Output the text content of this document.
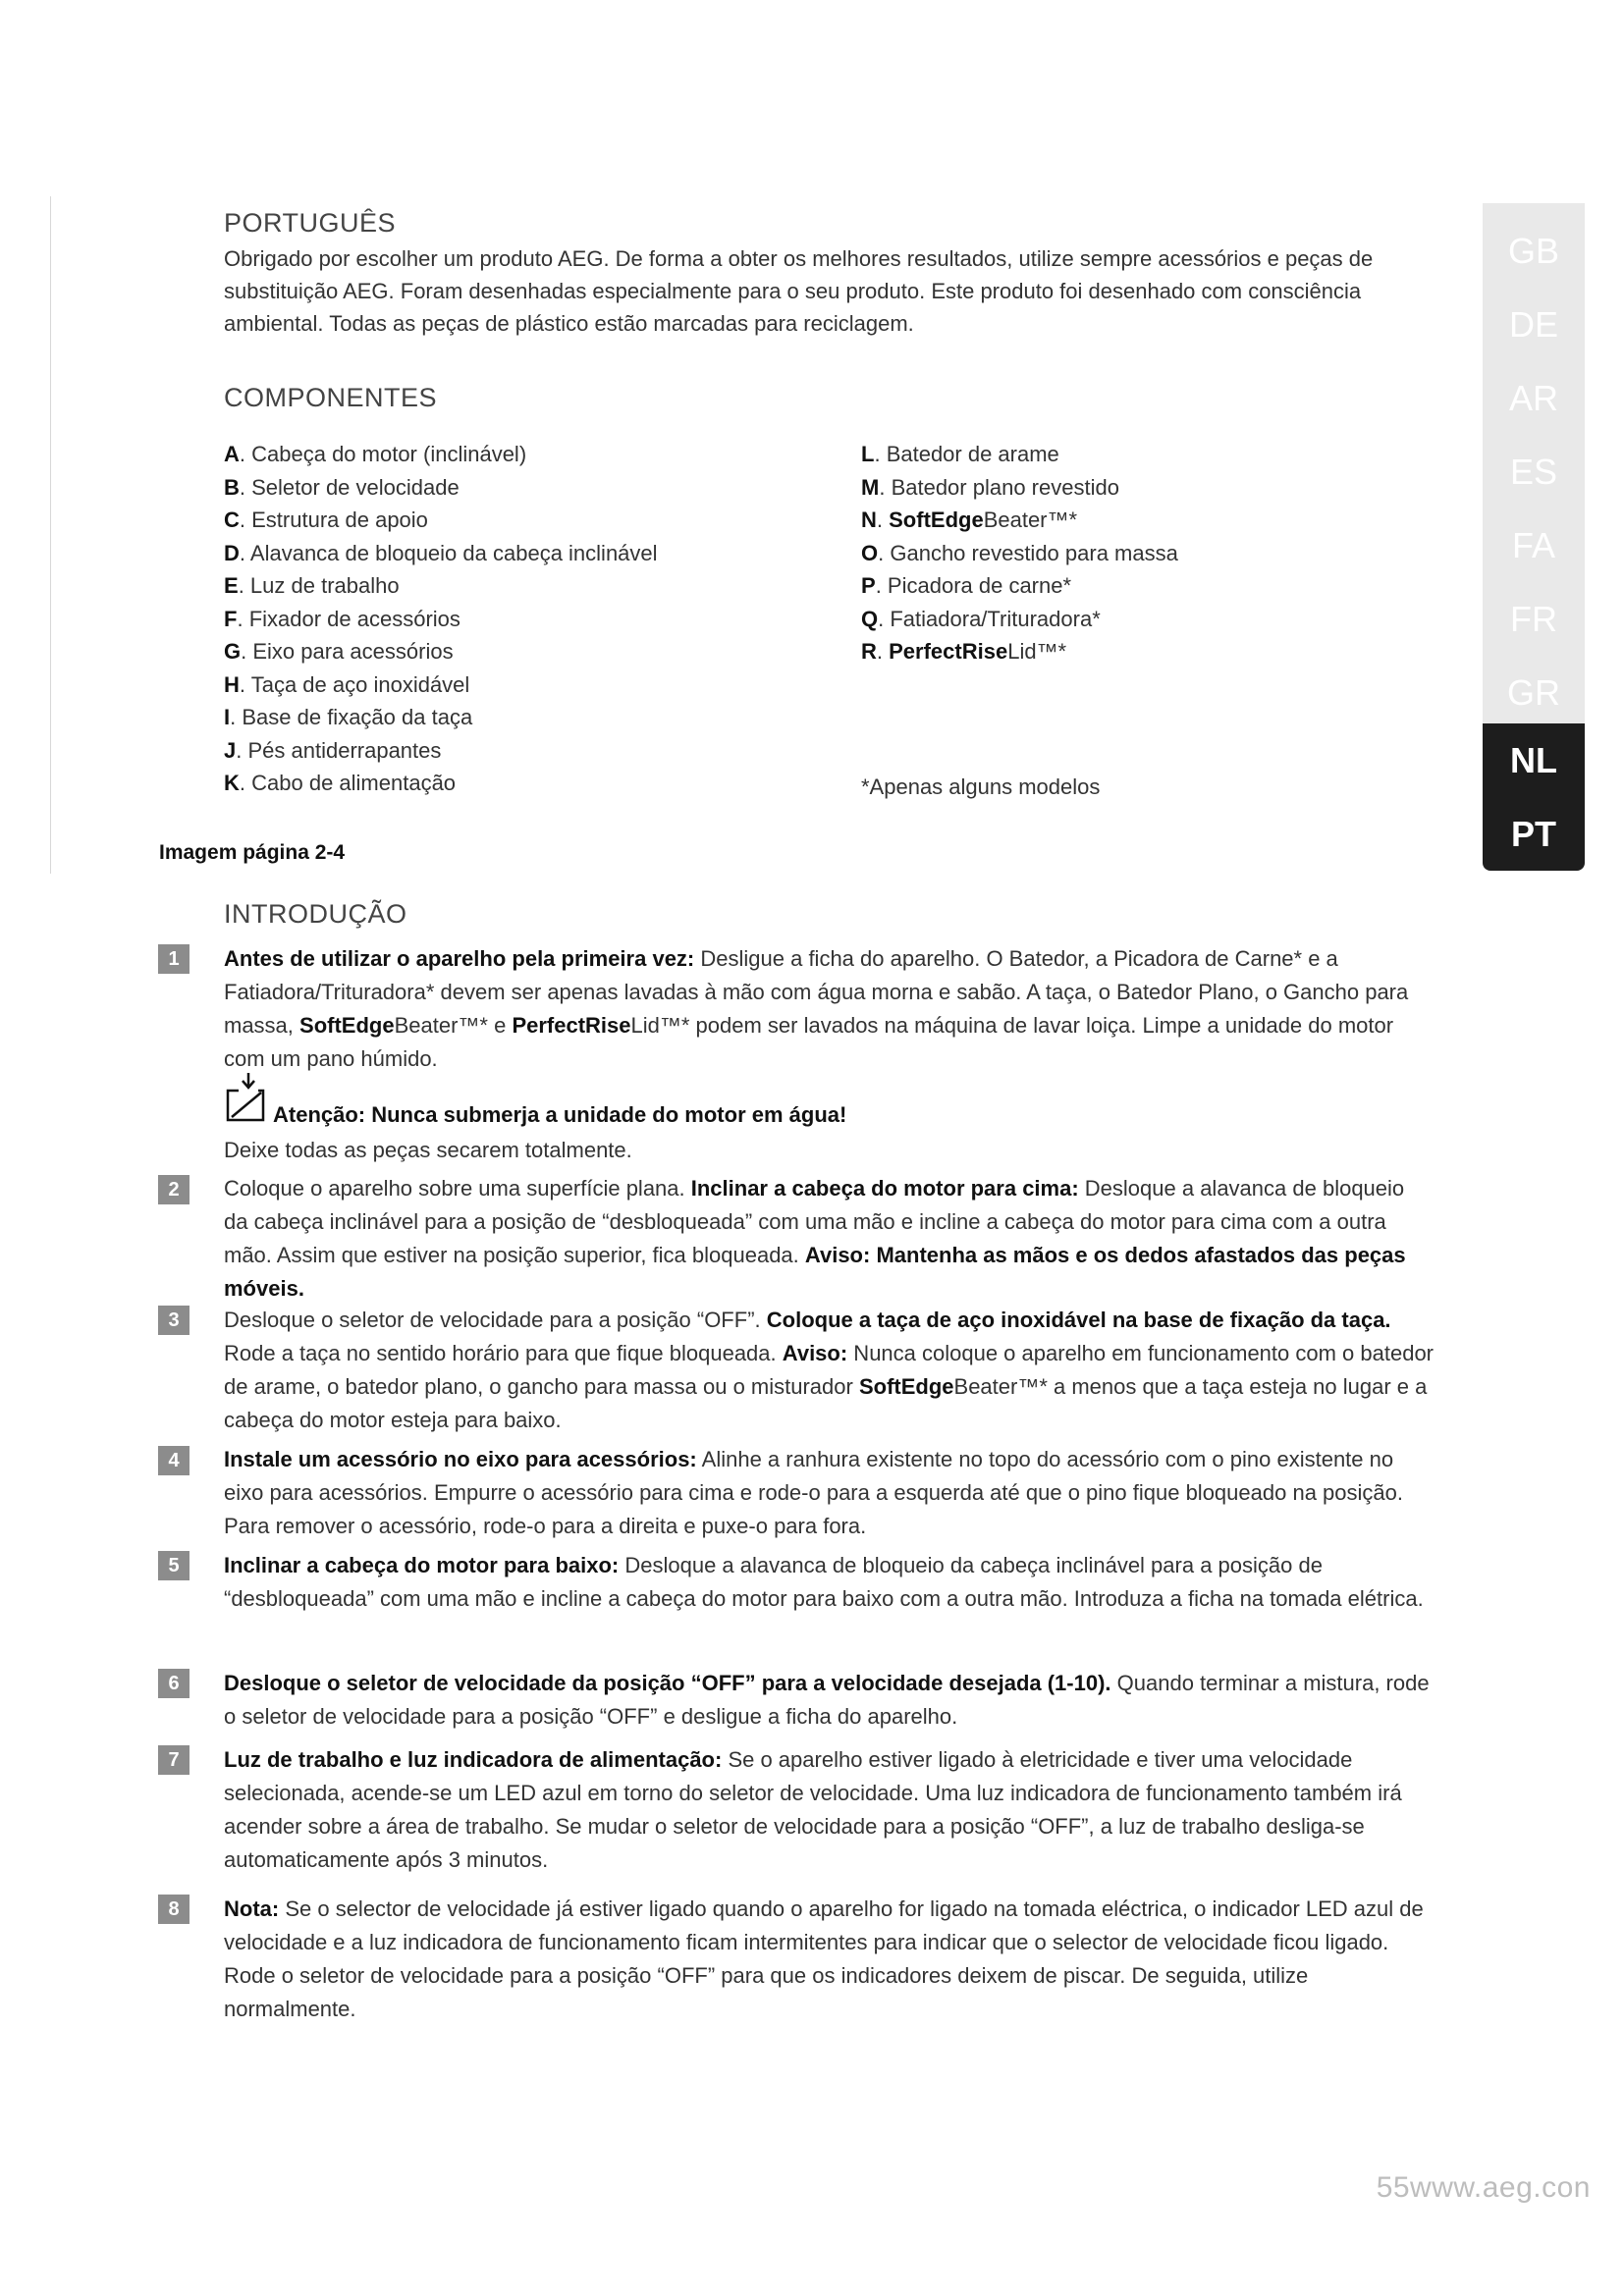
PORTUGUÊS
Obrigado por escolher um produto AEG. De forma a obter os melhores resultados, utilize sempre acessórios e peças de substituição AEG. Foram desenhadas especialmente para o seu produto. Este produto foi desenhado com consciência ambiental. Todas as peças de plástico estão marcadas para reciclagem.
COMPONENTES
A. Cabeça do motor (inclinável)
B. Seletor de velocidade
C. Estrutura de apoio
D. Alavanca de bloqueio da cabeça inclinável
E. Luz de trabalho
F. Fixador de acessórios
G. Eixo para acessórios
H. Taça de aço inoxidável
I. Base de fixação da taça
J. Pés antiderrapantes
K. Cabo de alimentação
L. Batedor de arame
M. Batedor plano revestido
N. SoftEdgeBeater™*
O. Gancho revestido para massa
P. Picadora de carne*
Q. Fatiadora/Trituradora*
R. PerfectRiseLid™*
*Apenas alguns modelos
Imagem página 2-4
INTRODUÇÃO
1	Antes de utilizar o aparelho pela primeira vez: Desligue a ficha do aparelho. O Batedor, a Picadora de Carne* e a Fatiadora/Trituradora* devem ser apenas lavadas à mão com água morna e sabão. A taça, o Batedor Plano, o Gancho para massa, SoftEdgeBeater™* e PerfectRiseLid™* podem ser lavados na máquina de lavar loiça. Limpe a unidade do motor com um pano húmido.
Atenção: Nunca submerja a unidade do motor em água!
Deixe todas as peças secarem totalmente.
2	Coloque o aparelho sobre uma superfície plana. Inclinar a cabeça do motor para cima: Desloque a alavanca de bloqueio da cabeça inclinável para a posição de “desbloqueada” com uma mão e incline a cabeça do motor para cima com a outra mão. Assim que estiver na posição superior, fica bloqueada. Aviso: Mantenha as mãos e os dedos afastados das peças móveis.
3	Desloque o seletor de velocidade para a posição “OFF”. Coloque a taça de aço inoxidável na base de fixação da taça. Rode a taça no sentido horário para que fique bloqueada. Aviso: Nunca coloque o aparelho em funcionamento com o batedor de arame, o batedor plano, o gancho para massa ou o misturador SoftEdgeBeater™* a menos que a taça esteja no lugar e a cabeça do motor esteja para baixo.
4	Instale um acessório no eixo para acessórios: Alinhe a ranhura existente no topo do acessório com o pino existente no eixo para acessórios. Empurre o acessório para cima e rode-o para a esquerda até que o pino fique bloqueado na posição. Para remover o acessório, rode-o para a direita e puxe-o para fora.
5	Inclinar a cabeça do motor para baixo: Desloque a alavanca de bloqueio da cabeça inclinável para a posição de “desbloqueada” com uma mão e incline a cabeça do motor para baixo com a outra mão. Introduza a ficha na tomada elétrica.
6	Desloque o seletor de velocidade da posição “OFF” para a velocidade desejada (1-10). Quando terminar a mistura, rode o seletor de velocidade para a posição “OFF” e desligue a ficha do aparelho.
7	Luz de trabalho e luz indicadora de alimentação: Se o aparelho estiver ligado à eletricidade e tiver uma velocidade selecionada, acende-se um LED azul em torno do seletor de velocidade. Uma luz indicadora de funcionamento também irá acender sobre a área de trabalho. Se mudar o seletor de velocidade para a posição “OFF”, a luz de trabalho desliga-se automaticamente após 3 minutos.
8	Nota: Se o selector de velocidade já estiver ligado quando o aparelho for ligado na tomada eléctrica, o indicador LED azul de velocidade e a luz indicadora de funcionamento ficam intermitentes para indicar que o selector de velocidade ficou ligado. Rode o seletor de velocidade para a posição “OFF” para que os indicadores deixem de piscar. De seguida, utilize normalmente.
GB
DE
AR
ES
FA
FR
GR
NL
PT
55www.aeg.con
